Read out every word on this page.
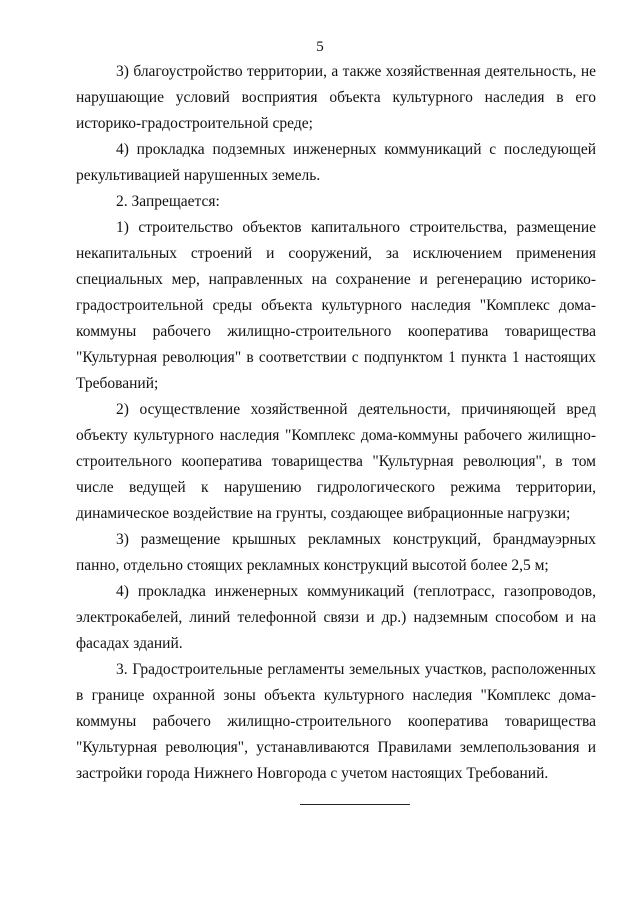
5

3) благоустройство территории, а также хозяйственная деятельность, не нарушающие условий восприятия объекта культурного наследия в его историко-градостроительной среде;

4) прокладка подземных инженерных коммуникаций с последующей рекультивацией нарушенных земель.

2. Запрещается:

1) строительство объектов капитального строительства, размещение некапитальных строений и сооружений, за исключением применения специальных мер, направленных на сохранение и регенерацию историко-градостроительной среды объекта культурного наследия "Комплекс дома-коммуны рабочего жилищно-строительного кооператива товарищества "Культурная революция" в соответствии с подпунктом 1 пункта 1 настоящих Требований;

2) осуществление хозяйственной деятельности, причиняющей вред объекту культурного наследия "Комплекс дома-коммуны рабочего жилищно-строительного кооператива товарищества "Культурная революция", в том числе ведущей к нарушению гидрологического режима территории, динамическое воздействие на грунты, создающее вибрационные нагрузки;

3) размещение крышных рекламных конструкций, брандмауэрных панно, отдельно стоящих рекламных конструкций высотой более 2,5 м;

4) прокладка инженерных коммуникаций (теплотрасс, газопроводов, электрокабелей, линий телефонной связи и др.) надземным способом и на фасадах зданий.

3. Градостроительные регламенты земельных участков, расположенных в границе охранной зоны объекта культурного наследия "Комплекс дома-коммуны рабочего жилищно-строительного кооператива товарищества "Культурная революция", устанавливаются Правилами землепользования и застройки города Нижнего Новгорода с учетом настоящих Требований.
